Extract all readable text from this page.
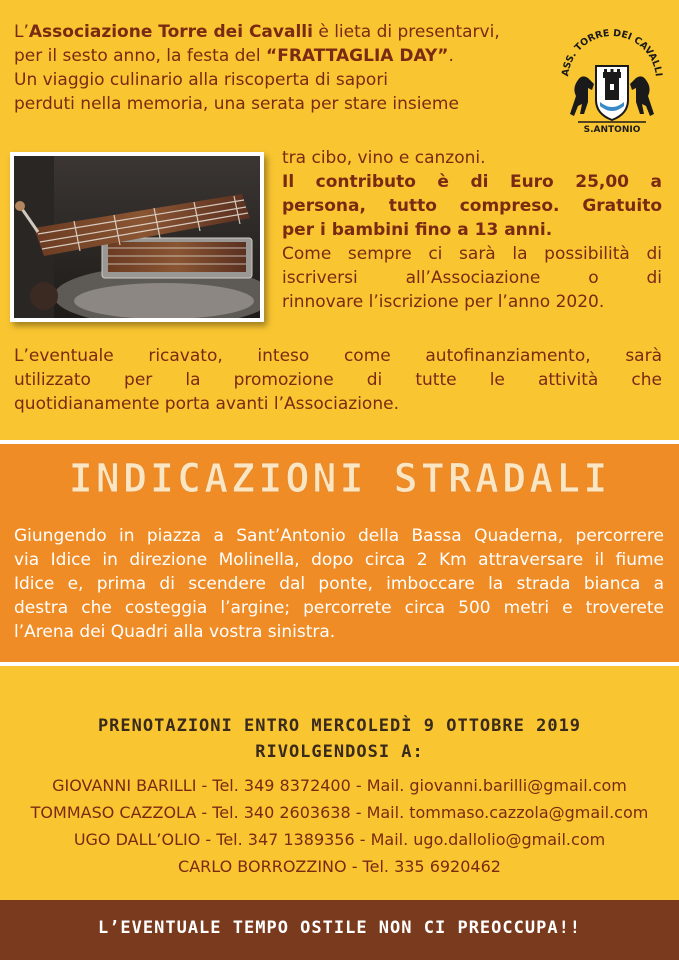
L’Associazione Torre dei Cavalli è lieta di presentarvi,
per il sesto anno, la festa del “FRATTAGLIA DAY”.
Un viaggio culinario alla riscoperta di sapori
perduti nella memoria, una serata per stare insieme

ASS. TORRE DEI CAVALLI
S.ANTONIO

tra cibo, vino e canzoni.
Il contributo è di Euro 25,00 a
persona, tutto compreso. Gratuito
per i bambini fino a 13 anni.
Come sempre ci sarà la possibilità di
iscriversi all’Associazione o di
rinnovare l’iscrizione per l’anno 2020.

L’eventuale ricavato, inteso come autofinanziamento, sarà
utilizzato per la promozione di tutte le attività che
quotidianamente porta avanti l’Associazione.

INDICAZIONI STRADALI
Giungendo in piazza a Sant’Antonio della Bassa Quaderna, percorrere
via Idice in direzione Molinella, dopo circa 2 Km attraversare il fiume
Idice e, prima di scendere dal ponte, imboccare la strada bianca a
destra che costeggia l’argine; percorrete circa 500 metri e troverete
l’Arena dei Quadri alla vostra sinistra.
PRENOTAZIONI ENTRO MERCOLEDÌ 9 OTTOBRE 2019
RIVOLGENDOSI A:
GIOVANNI BARILLI - Tel. 349 8372400 - Mail. giovanni.barilli@gmail.com
TOMMASO CAZZOLA - Tel. 340 2603638 - Mail. tommaso.cazzola@gmail.com
UGO DALL’OLIO - Tel. 347 1389356 - Mail. ugo.dallolio@gmail.com
CARLO BORROZZINO - Tel. 335 6920462
L’EVENTUALE TEMPO OSTILE NON CI PREOCCUPA!!
